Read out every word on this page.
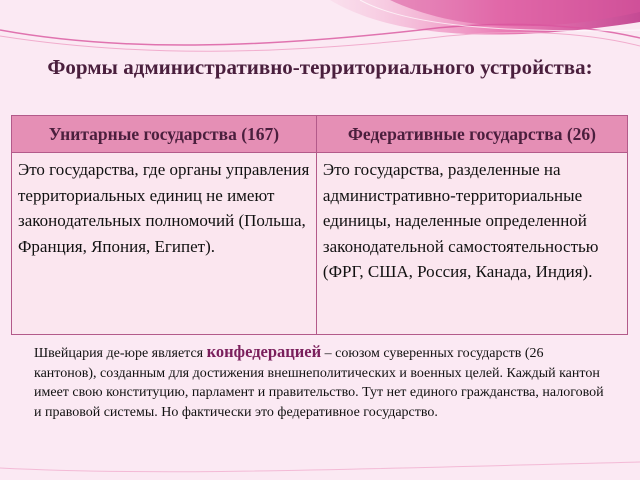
Формы административно-территориального устройства:
Унитарные государства (167)	Федеративные государства (26)
Это государства, где органы управления территориальных единиц не имеют законодательных полномочий (Польша, Франция, Япония, Египет).	Это государства, разделенные на административно-территориальные единицы, наделенные определенной законодательной самостоятельностью (ФРГ, США, Россия, Канада, Индия).
Швейцария де-юре является конфедерацией – союзом суверенных государств (26 кантонов), созданным для достижения внешнеполитических и военных целей. Каждый кантон имеет свою конституцию, парламент и правительство. Тут нет единого гражданства, налоговой и правовой системы. Но фактически это федеративное государство.
